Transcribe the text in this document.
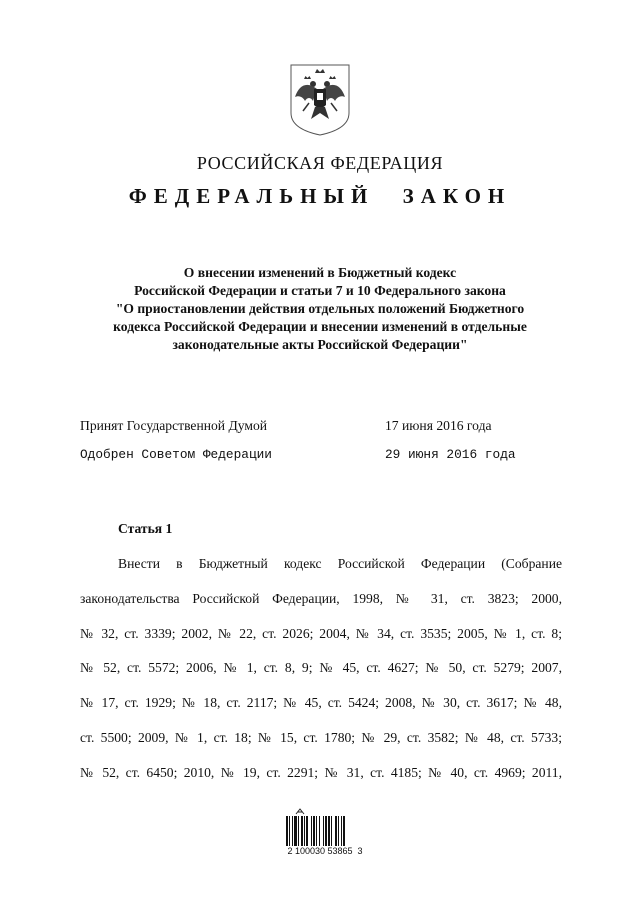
РОССИЙСКАЯ ФЕДЕРАЦИЯ
ФЕДЕРАЛЬНЫЙ ЗАКОН
О внесении изменений в Бюджетный кодекс
Российской Федерации и статьи 7 и 10 Федерального закона
"О приостановлении действия отдельных положений Бюджетного
кодекса Российской Федерации и внесении изменений в отдельные
законодательные акты Российской Федерации"
Принят Государственной Думой	17 июня 2016 года
Одобрен Советом Федерации	29 июня 2016 года
Статья 1
Внести в Бюджетный кодекс Российской Федерации (Собрание
законодательства Российской Федерации, 1998, № 31, ст. 3823; 2000,
№ 32, ст. 3339; 2002, № 22, ст. 2026; 2004, № 34, ст. 3535; 2005, № 1, ст. 8;
№ 52, ст. 5572; 2006, № 1, ст. 8, 9; № 45, ст. 4627; № 50, ст. 5279; 2007,
№ 17, ст. 1929; № 18, ст. 2117; № 45, ст. 5424; 2008, № 30, ст. 3617; № 48,
ст. 5500; 2009, № 1, ст. 18; № 15, ст. 1780; № 29, ст. 3582; № 48, ст. 5733;
№ 52, ст. 6450; 2010, № 19, ст. 2291; № 31, ст. 4185; № 40, ст. 4969; 2011,
2 100030 53865  3
